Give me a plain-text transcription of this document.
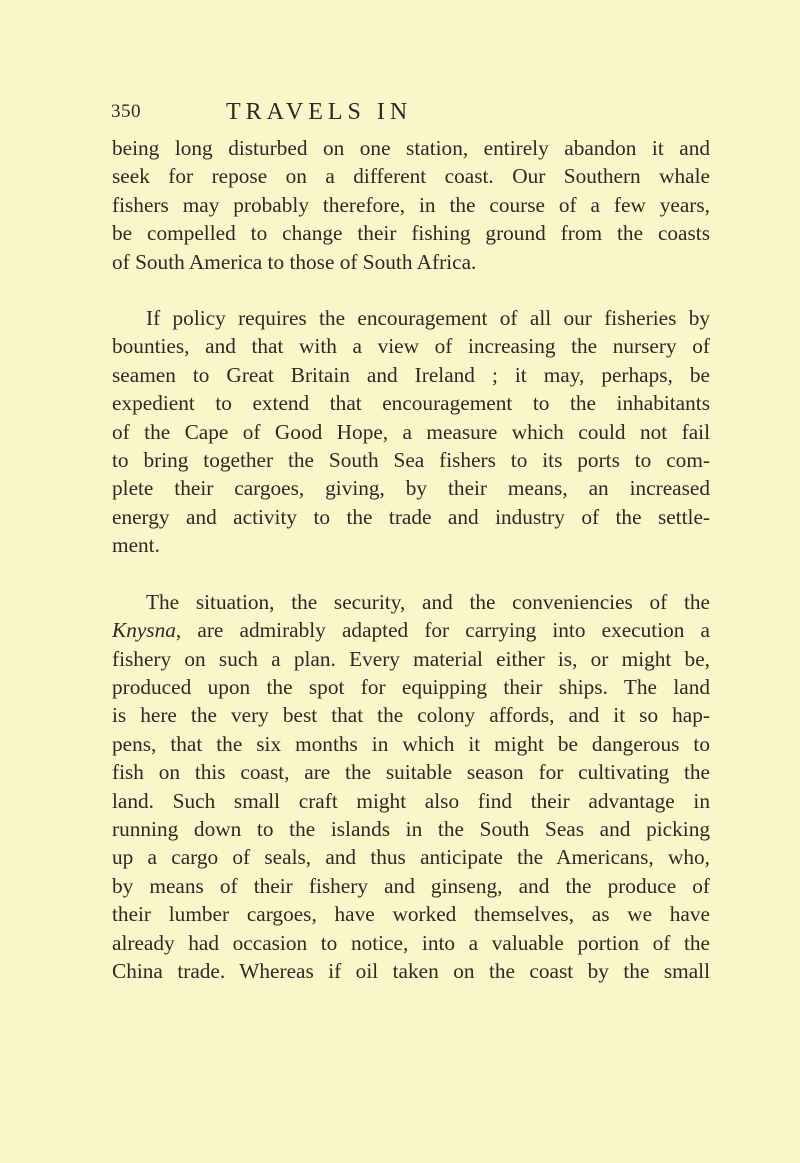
350	TRAVELS IN
being long disturbed on one station, entirely abandon it and
seek for repose on a different coast. Our Southern whale
fishers may probably therefore, in the course of a few years,
be compelled to change their fishing ground from the coasts
of South America to those of South Africa.
If policy requires the encouragement of all our fisheries by
bounties, and that with a view of increasing the nursery of
seamen to Great Britain and Ireland ; it may, perhaps, be
expedient to extend that encouragement to the inhabitants
of the Cape of Good Hope, a measure which could not fail
to bring together the South Sea fishers to its ports to com-
plete their cargoes, giving, by their means, an increased
energy and activity to the trade and industry of the settle-
ment.
The situation, the security, and the conveniencies of the
Knysna, are admirably adapted for carrying into execution a
fishery on such a plan. Every material either is, or might be,
produced upon the spot for equipping their ships. The land
is here the very best that the colony affords, and it so hap-
pens, that the six months in which it might be dangerous to
fish on this coast, are the suitable season for cultivating the
land. Such small craft might also find their advantage in
running down to the islands in the South Seas and picking
up a cargo of seals, and thus anticipate the Americans, who,
by means of their fishery and ginseng, and the produce of
their lumber cargoes, have worked themselves, as we have
already had occasion to notice, into a valuable portion of the
China trade. Whereas if oil taken on the coast by the small
